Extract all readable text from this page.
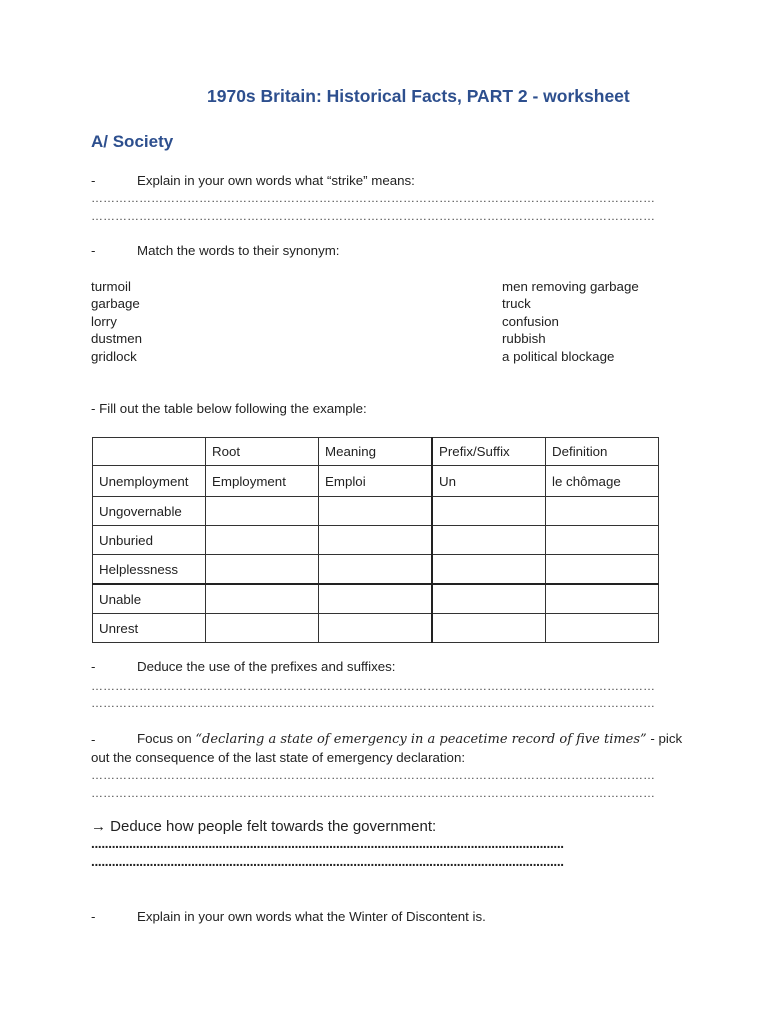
1970s Britain: Historical Facts, PART 2 - worksheet
A/ Society
-	Explain in your own words what “strike” means:
……………………………………………………………………………………………………………………………
……………………………………………………………………………………………………………………………
-	Match the words to their synonym:
turmoil
garbage
lorry
dustmen
gridlock
men removing garbage
truck
confusion
rubbish
a political blockage
- Fill out the table below following the example:
	Root	Meaning	Prefix/Suffix	Definition
Unemployment	Employment	Emploi	Un	le chômage
Ungovernable				
Unburied				
Helplessness				
Unable				
Unrest				
-	Deduce the use of the prefixes and suffixes:
……………………………………………………………………………………………………………………………
……………………………………………………………………………………………………………………………
-	Focus on “declaring a state of emergency in a peacetime record of five times” - pick
out the consequence of the last state of emergency declaration:
……………………………………………………………………………………………………………………………
……………………………………………………………………………………………………………………………
→ Deduce how people felt towards the government:
.........................................................................................................................................
.........................................................................................................................................
-	Explain in your own words what the Winter of Discontent is.
